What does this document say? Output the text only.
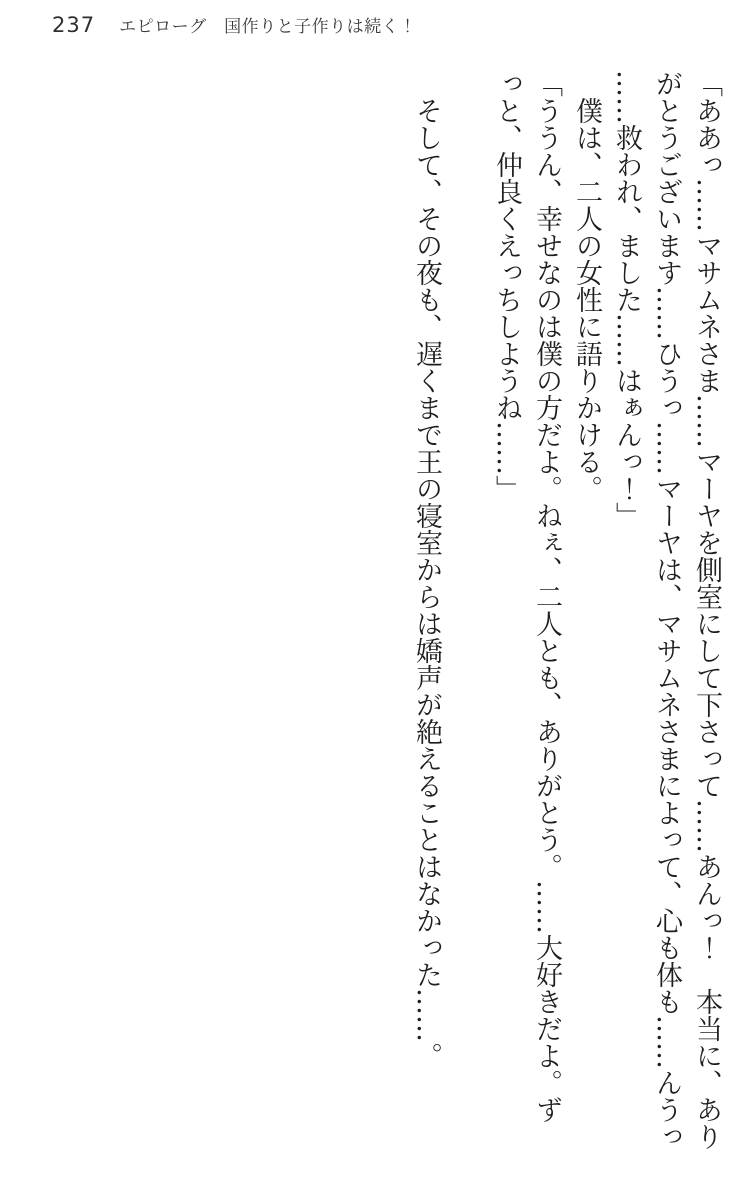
237 エピローグ　国作りと子作りは続く！
「ああっ……マサムネさま……マーヤを側室にして下さって……あんっ！　本当に、あり
がとうございます……ひうっ……マーヤは、マサムネさまによって、心も体も……んうっ
……救われ、ました……はぁんっ！」
　僕は、二人の女性に語りかける。
「ううん、幸せなのは僕の方だよ。ねぇ、二人とも、ありがとう。……大好きだよ。ず
っと、仲良くえっちしようね……」

　そして、その夜も、遅くまで王の寝室からは嬌声が絶えることはなかった……。
